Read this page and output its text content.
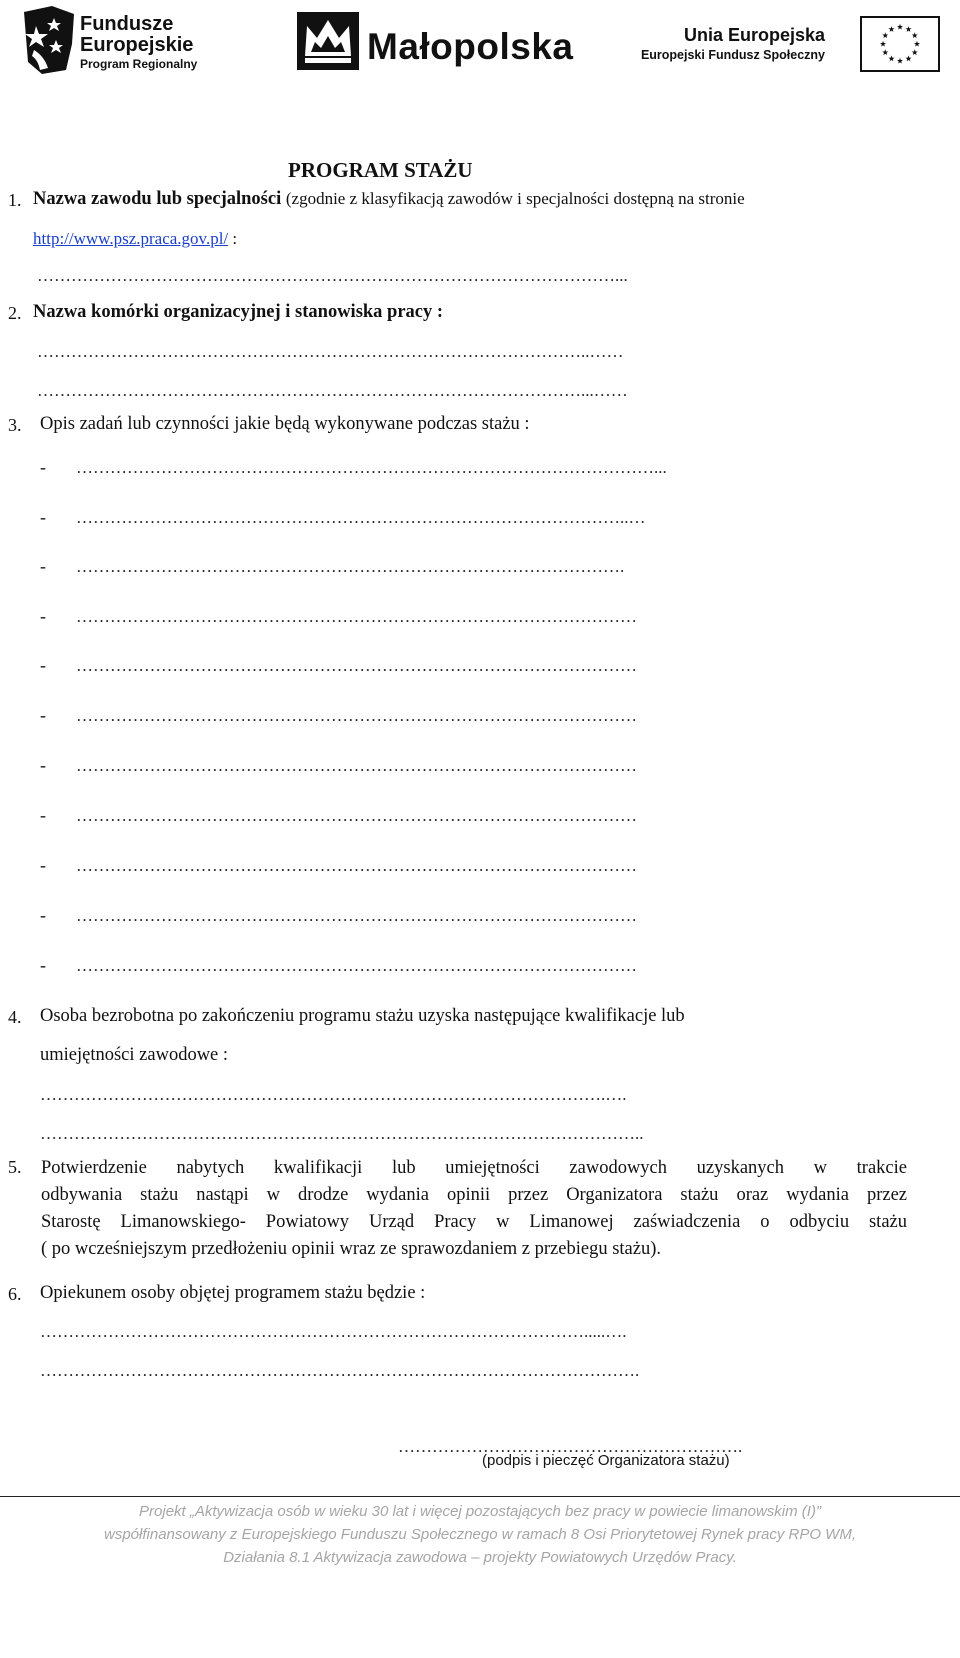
Fundusze
Europejskie
Program Regionalny	Małopolska	Unia Europejska
Europejski Fundusz Społeczny
PROGRAM STAŻU
1. Nazwa zawodu lub specjalności (zgodnie z klasyfikacją zawodów i specjalności dostępną na stronie
http://www.psz.praca.gov.pl/ :
…………………………………………………………………………………………...
2. Nazwa komórki organizacyjnej i stanowiska pracy :
……………………………………………………………………………………..……
……………………………………………………………………………………...……
3. Opis zadań lub czynności jakie będą wykonywane podczas stażu :
- …………………………………………………………………………………………...
- ……………………………………………………………………………………..…
- …………………………………………………………………………………….
- ………………………………………………………………………………………
- ………………………………………………………………………………………
- ………………………………………………………………………………………
- ………………………………………………………………………………………
- ………………………………………………………………………………………
- ………………………………………………………………………………………
- ………………………………………………………………………………………
- ………………………………………………………………………………………
4. Osoba bezrobotna po zakończeniu programu stażu uzyska następujące kwalifikacje lub
umiejętności zawodowe :
……………………………………………………………………………………….….
……………………………………………………………………………………………..
5. Potwierdzenie nabytych kwalifikacji lub umiejętności zawodowych uzyskanych w trakcie
odbywania stażu nastąpi w drodze wydania opinii przez Organizatora stażu oraz wydania przez
Starostę Limanowskiego- Powiatowy Urząd Pracy w Limanowej zaświadczenia o odbyciu stażu
( po wcześniejszym przedłożeniu opinii wraz ze sprawozdaniem z przebiegu stażu).
6. Opiekunem osoby objętej programem stażu będzie :
…………………………………………………………………………………….....….
…………………………………………………………………………………………….
…………………………………………………….
(podpis i pieczęć Organizatora stażu)
Projekt „Aktywizacja osób w wieku 30 lat i więcej pozostających bez pracy w powiecie limanowskim (I)”
współfinansowany z Europejskiego Funduszu Społecznego w ramach 8 Osi Priorytetowej Rynek pracy RPO WM,
Działania 8.1 Aktywizacja zawodowa – projekty Powiatowych Urzędów Pracy.
